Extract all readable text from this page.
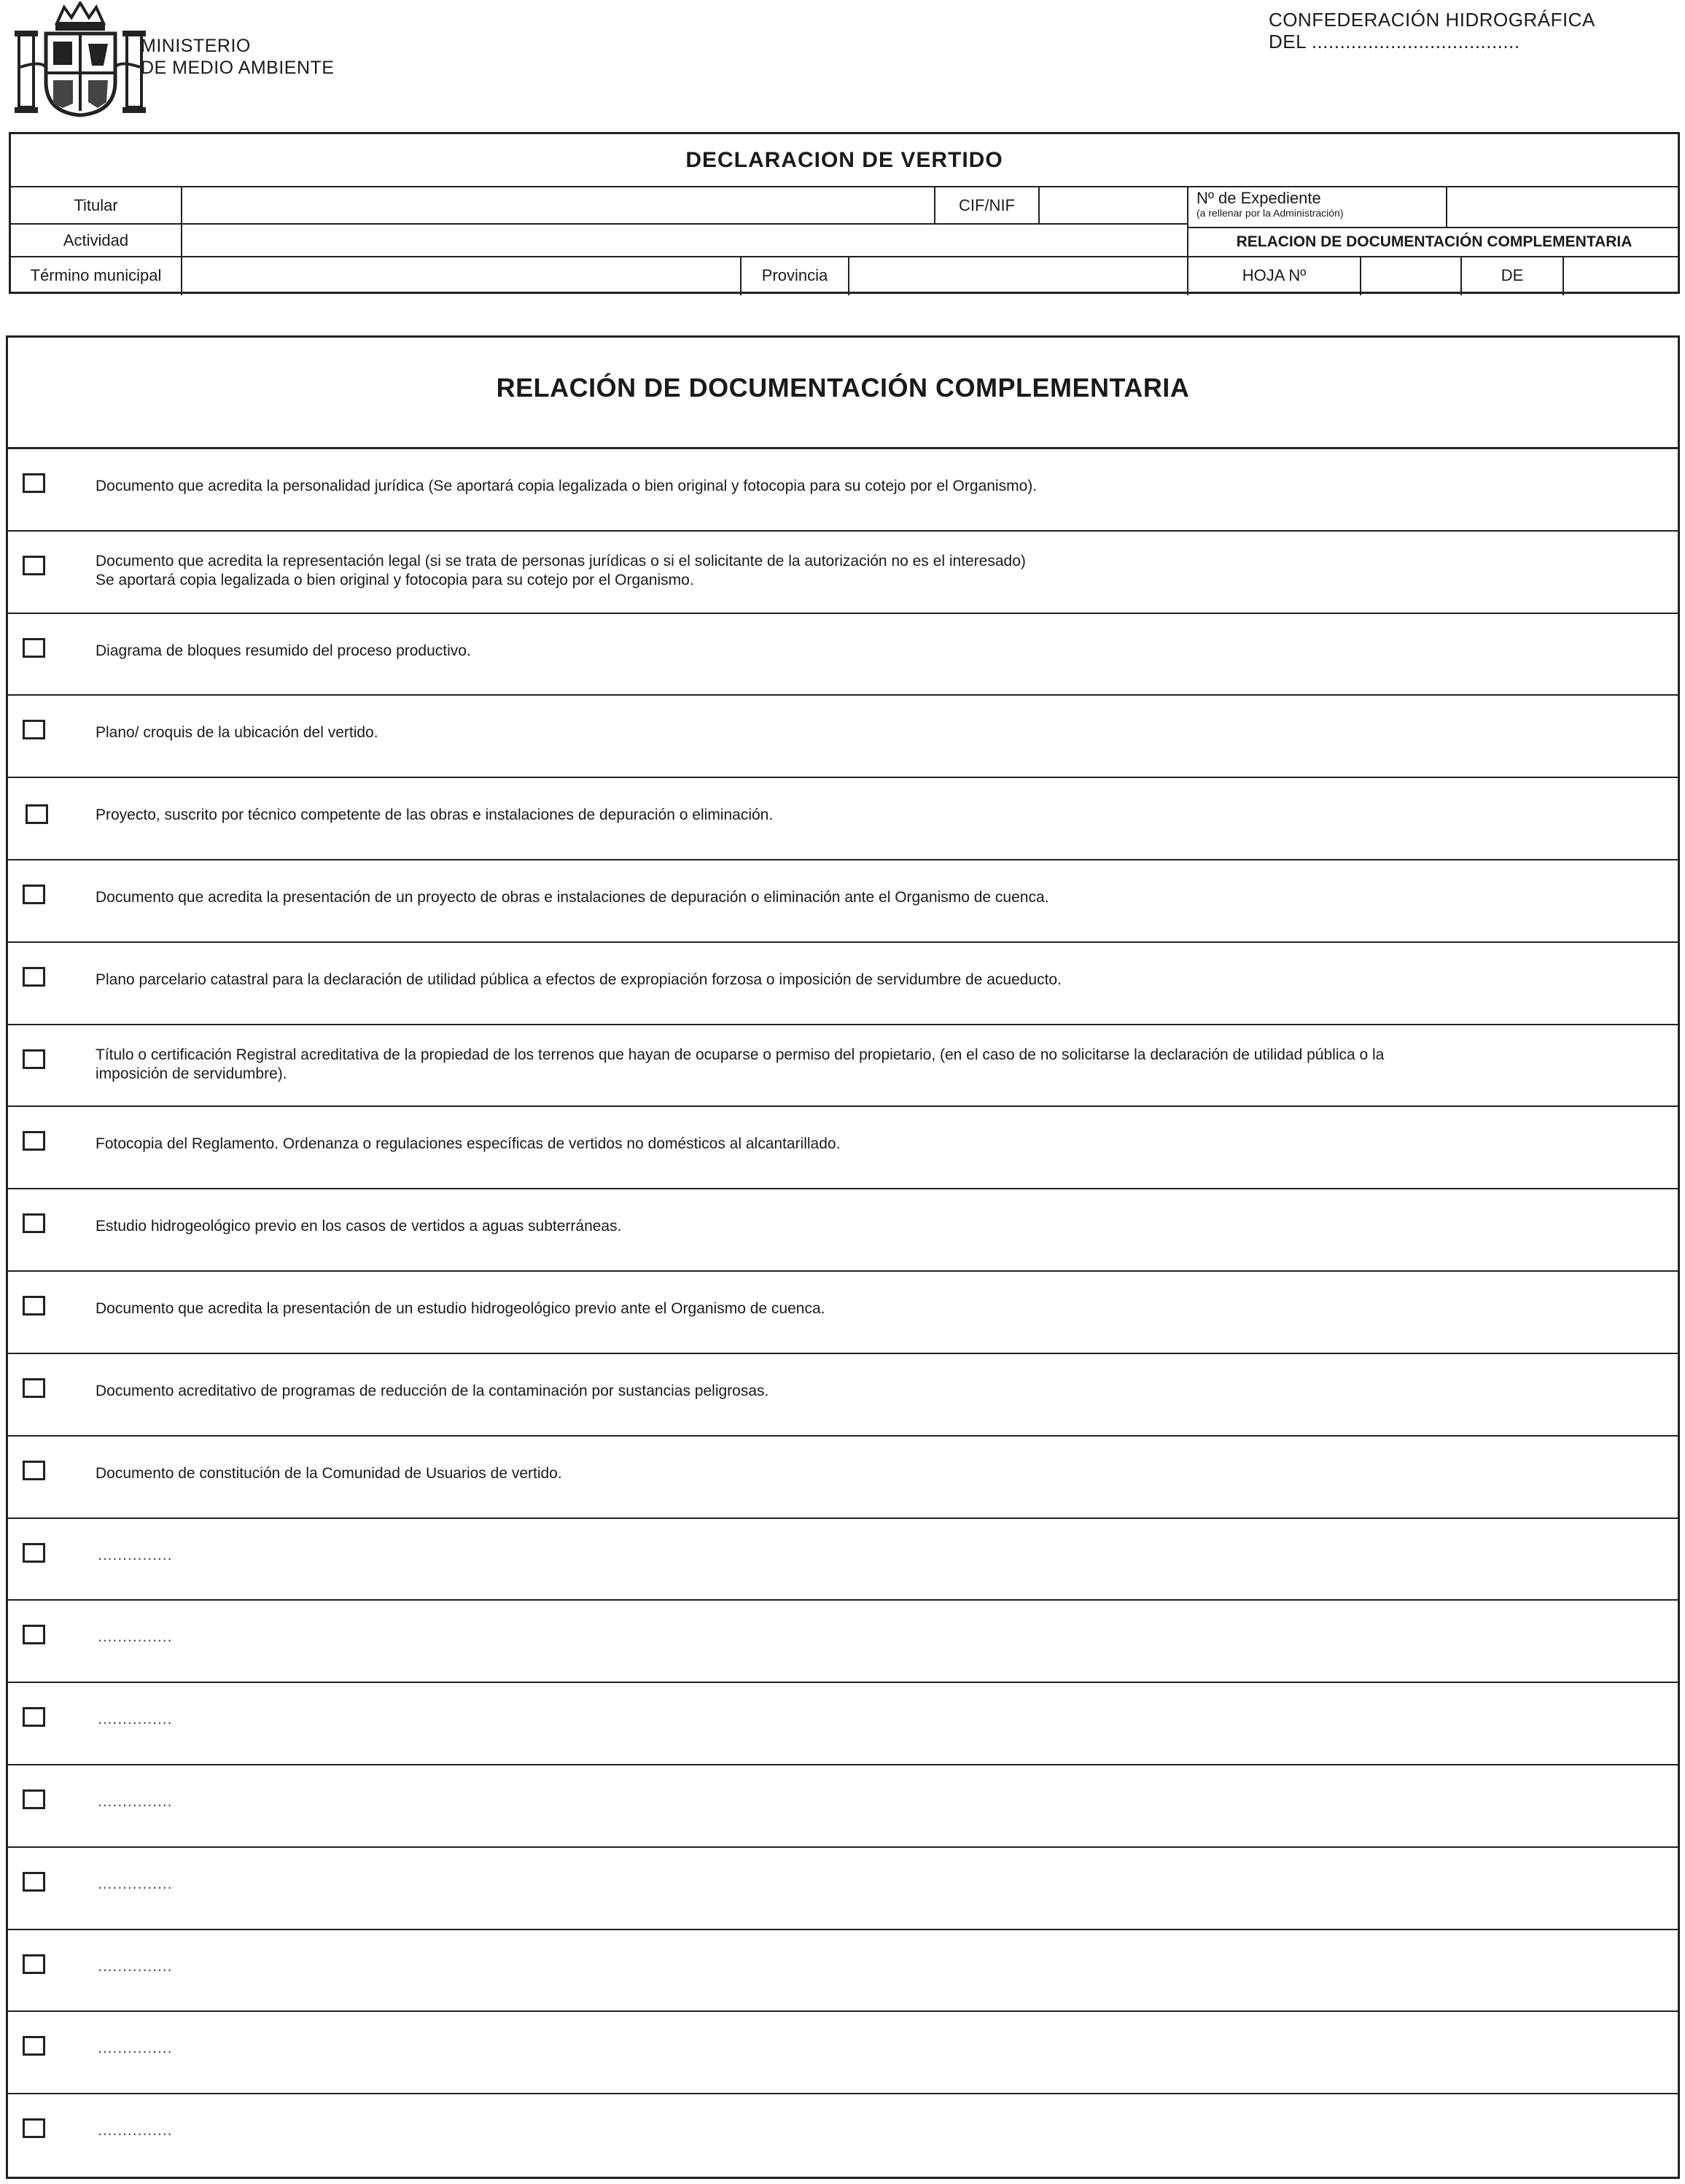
MINISTERIO
DE MEDIO AMBIENTE
CONFEDERACIÓN HIDROGRÁFICA
DEL .....................................
DECLARACION DE VERTIDO
Titular	CIF/NIF	Nº de Expediente
(a rellenar por la Administración)
Actividad	RELACION DE DOCUMENTACIÓN COMPLEMENTARIA
Término municipal	Provincia	HOJA Nº	DE
RELACIÓN DE DOCUMENTACIÓN COMPLEMENTARIA
Documento que acredita la personalidad jurídica (Se aportará copia legalizada o bien original y fotocopia para su cotejo por el Organismo).
Documento que acredita la representación legal (si se trata de personas jurídicas o si el solicitante de la autorización no es el interesado)
Se aportará copia legalizada o bien original y fotocopia para su cotejo por el Organismo.
Diagrama de bloques resumido del proceso productivo.
Plano/ croquis de la ubicación del vertido.
Proyecto, suscrito por técnico competente de las obras e instalaciones de depuración o eliminación.
Documento que acredita la presentación de un proyecto de obras e instalaciones de depuración o eliminación ante el Organismo de cuenca.
Plano parcelario catastral para la declaración de utilidad pública a efectos de expropiación forzosa o imposición de servidumbre de acueducto.
Título o certificación Registral acreditativa de la propiedad de los terrenos que hayan de ocuparse o permiso del propietario, (en el caso de no solicitarse la declaración de utilidad pública o la
imposición de servidumbre).
Fotocopia del Reglamento. Ordenanza o regulaciones específicas de vertidos no domésticos al alcantarillado.
Estudio hidrogeológico previo en los casos de vertidos a aguas subterráneas.
Documento que acredita la presentación de un estudio hidrogeológico previo ante el Organismo de cuenca.
Documento acreditativo de programas de reducción de la contaminación por sustancias peligrosas.
Documento de constitución de la Comunidad de Usuarios de vertido.
...............
...............
...............
...............
...............
...............
...............
...............
